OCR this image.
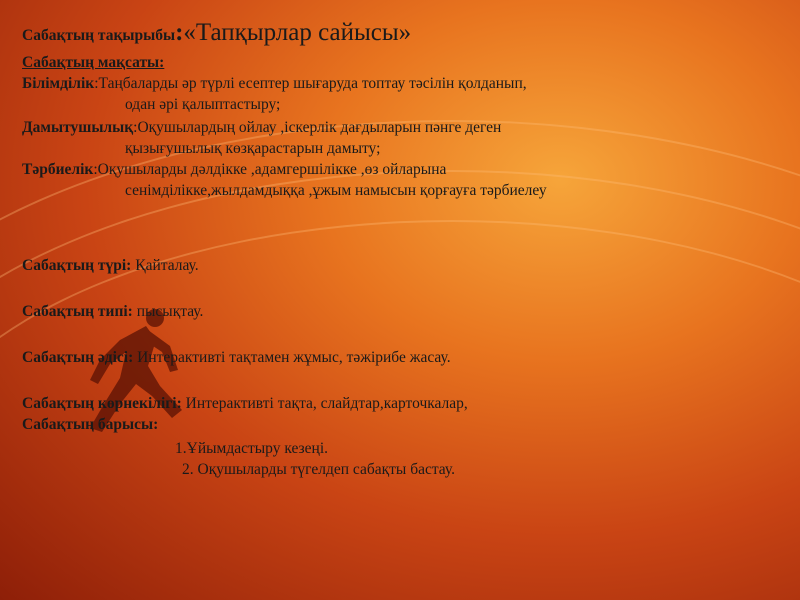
Сабақтың тақырыбы:«Тапқырлар сайысы»
Сабақтың мақсаты:
Білімділік:Таңбаларды әр түрлі есептер шығаруда топтау тәсілін қолданып,
одан әрі қалыптастыру;
Дамытушылық:Оқушылардың ойлау ,іскерлік дағдыларын пәнге деген
қызығушылық көзқарастарын дамыту;
Тәрбиелік:Оқушыларды дәлдікке ,адамгершілікке ,өз ойларына
сенімділікке,жылдамдыққа ,ұжым намысын қорғауға тәрбиелеу
Сабақтың түрі: Қайталау.
Сабақтың типі: пысықтау.
Сабақтың әдісі: Интерактивті тақтамен жұмыс, тәжірибе жасау.
Сабақтың көрнекілігі: Интерактивті тақта, слайдтар,карточкалар,
Сабақтың барысы:
1.Ұйымдастыру кезеңі.
2. Оқушыларды түгелдеп сабақты бастау.
